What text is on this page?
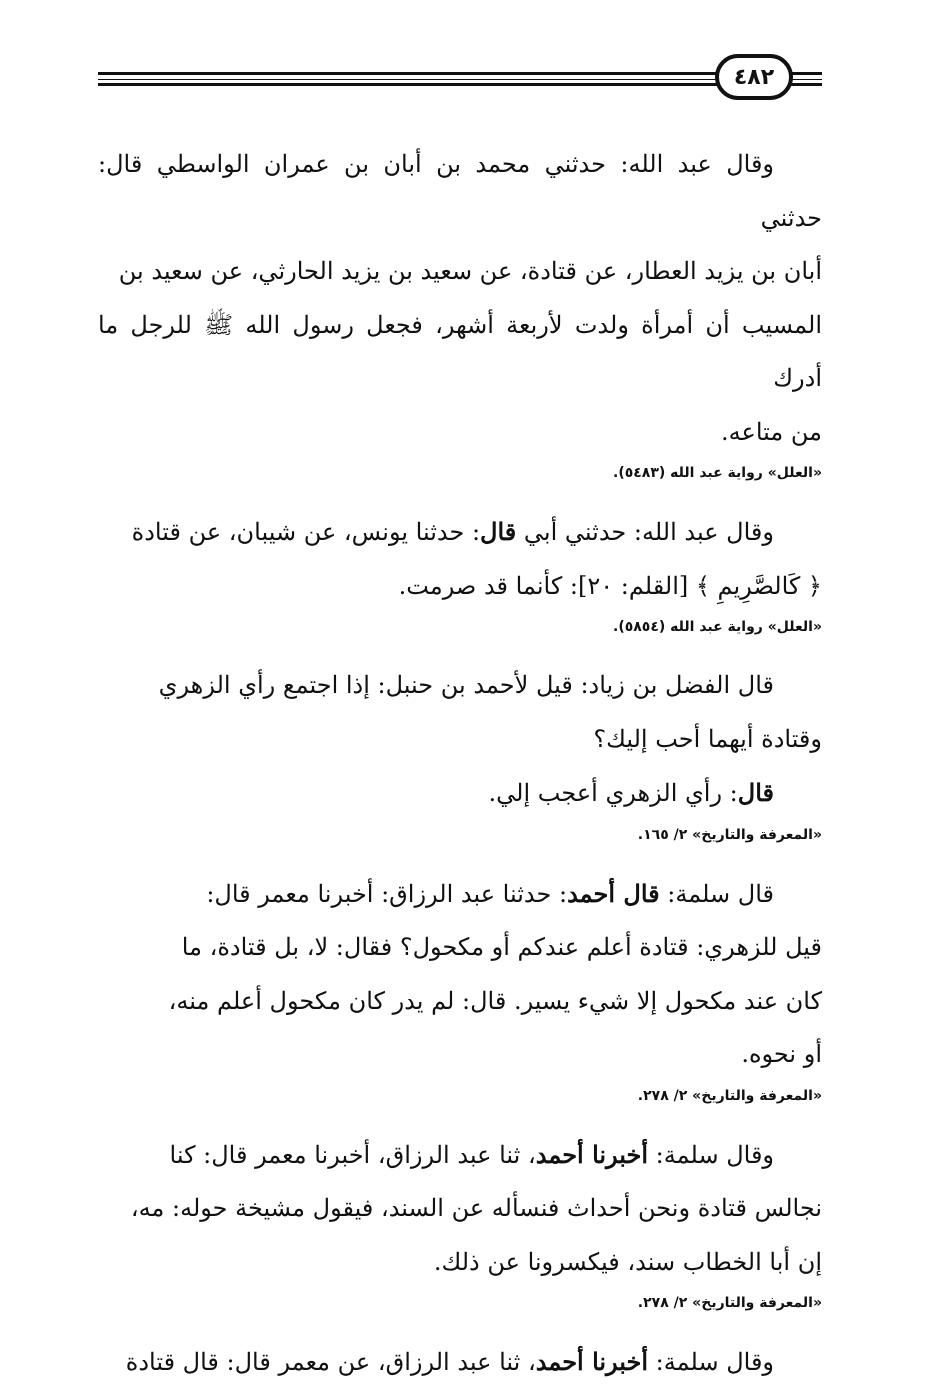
٤٨٢

وقال عبد الله: حدثني محمد بن أبان بن عمران الواسطي قال: حدثني

أبان بن يزيد العطار، عن قتادة، عن سعيد بن يزيد الحارثي، عن سعيد بن

المسيب أن أمرأة ولدت لأربعة أشهر، فجعل رسول الله ﷺ للرجل ما أدرك

من متاعه.

«العلل» رواية عبد الله (٥٤٨٣).

وقال عبد الله: حدثني أبي قال: حدثنا يونس، عن شيبان، عن قتادة

﴿ كَالصَّرِيمِ ﴾ [القلم: ٢٠]: كأنما قد صرمت.

«العلل» رواية عبد الله (٥٨٥٤).

قال الفضل بن زياد: قيل لأحمد بن حنبل: إذا اجتمع رأي الزهري

وقتادة أيهما أحب إليك؟

قال: رأي الزهري أعجب إلي.

«المعرفة والتاريخ» ٢/ ١٦٥.

قال سلمة: قال أحمد: حدثنا عبد الرزاق: أخبرنا معمر قال:

قيل للزهري: قتادة أعلم عندكم أو مكحول؟ فقال: لا، بل قتادة، ما

كان عند مكحول إلا شيء يسير. قال: لم يدر كان مكحول أعلم منه،

أو نحوه.

«المعرفة والتاريخ» ٢/ ٢٧٨.

وقال سلمة: أخبرنا أحمد، ثنا عبد الرزاق، أخبرنا معمر قال: كنا

نجالس قتادة ونحن أحداث فنسأله عن السند، فيقول مشيخة حوله: مه،

إن أبا الخطاب سند، فيكسرونا عن ذلك.

«المعرفة والتاريخ» ٢/ ٢٧٨.

وقال سلمة: أخبرنا أحمد، ثنا عبد الرزاق، عن معمر قال: قال قتادة
